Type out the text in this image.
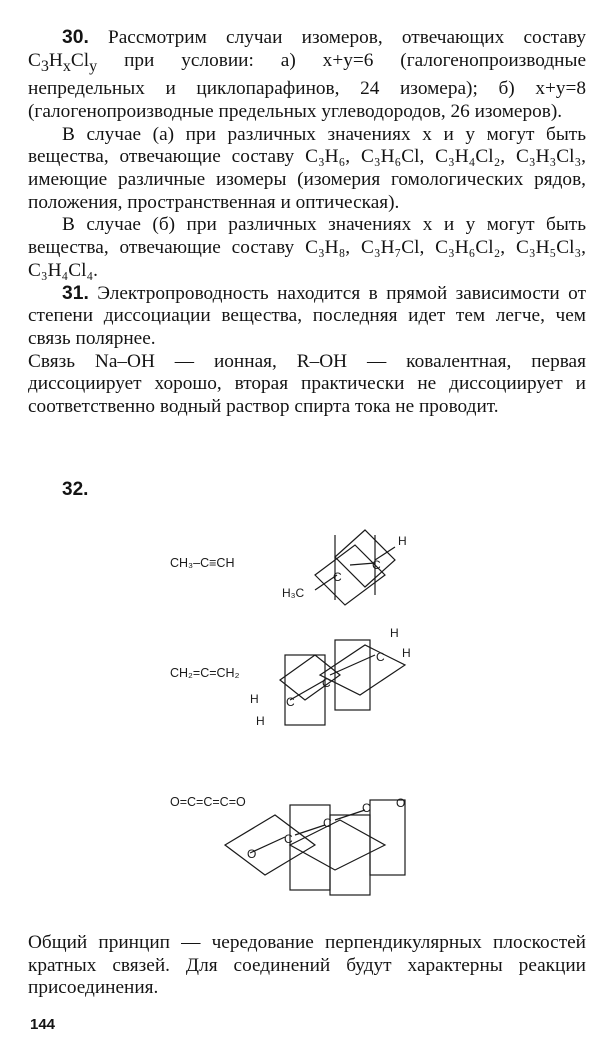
30. Рассмотрим случаи изомеров, отвечающих составу $C_3H_xCl_y$ при условии: а) x+y=6 (галогенопроизводные непредельных и циклопарафинов, 24 изомера); б) x+y=8 (галогенопроизводные предельных углеводородов, 26 изомеров).
В случае (а) при различных значениях x и y могут быть вещества, отвечающие составу C₃H₆, C₃H₆Cl, C₃H₄Cl₂, C₃H₃Cl₃, имеющие различные изомеры (изомерия гомологических рядов, положения, пространственная и оптическая).
В случае (б) при различных значениях x и y могут быть вещества, отвечающие составу C₃H₈, C₃H₇Cl, C₃H₆Cl₂, C₃H₅Cl₃, C₃H₄Cl₄.
31. Электропроводность находится в прямой зависимости от степени диссоциации вещества, последняя идет тем легче, чем связь полярнее.
Связь Na–OH — ионная, R–OH — ковалентная, первая диссоциирует хорошо, вторая практически не диссоциирует и соответственно водный раствор спирта тока не проводит.
32.
CH₃–C≡CH	C
C
H
H₃C
CH₂=C=CH₂
C
C
C
H
H
H
H
O=C=C=C=O
O
C
C
C O
Общий принцип — чередование перпендикулярных плоскостей кратных связей. Для соединений будут характерны реакции присоединения.
144
